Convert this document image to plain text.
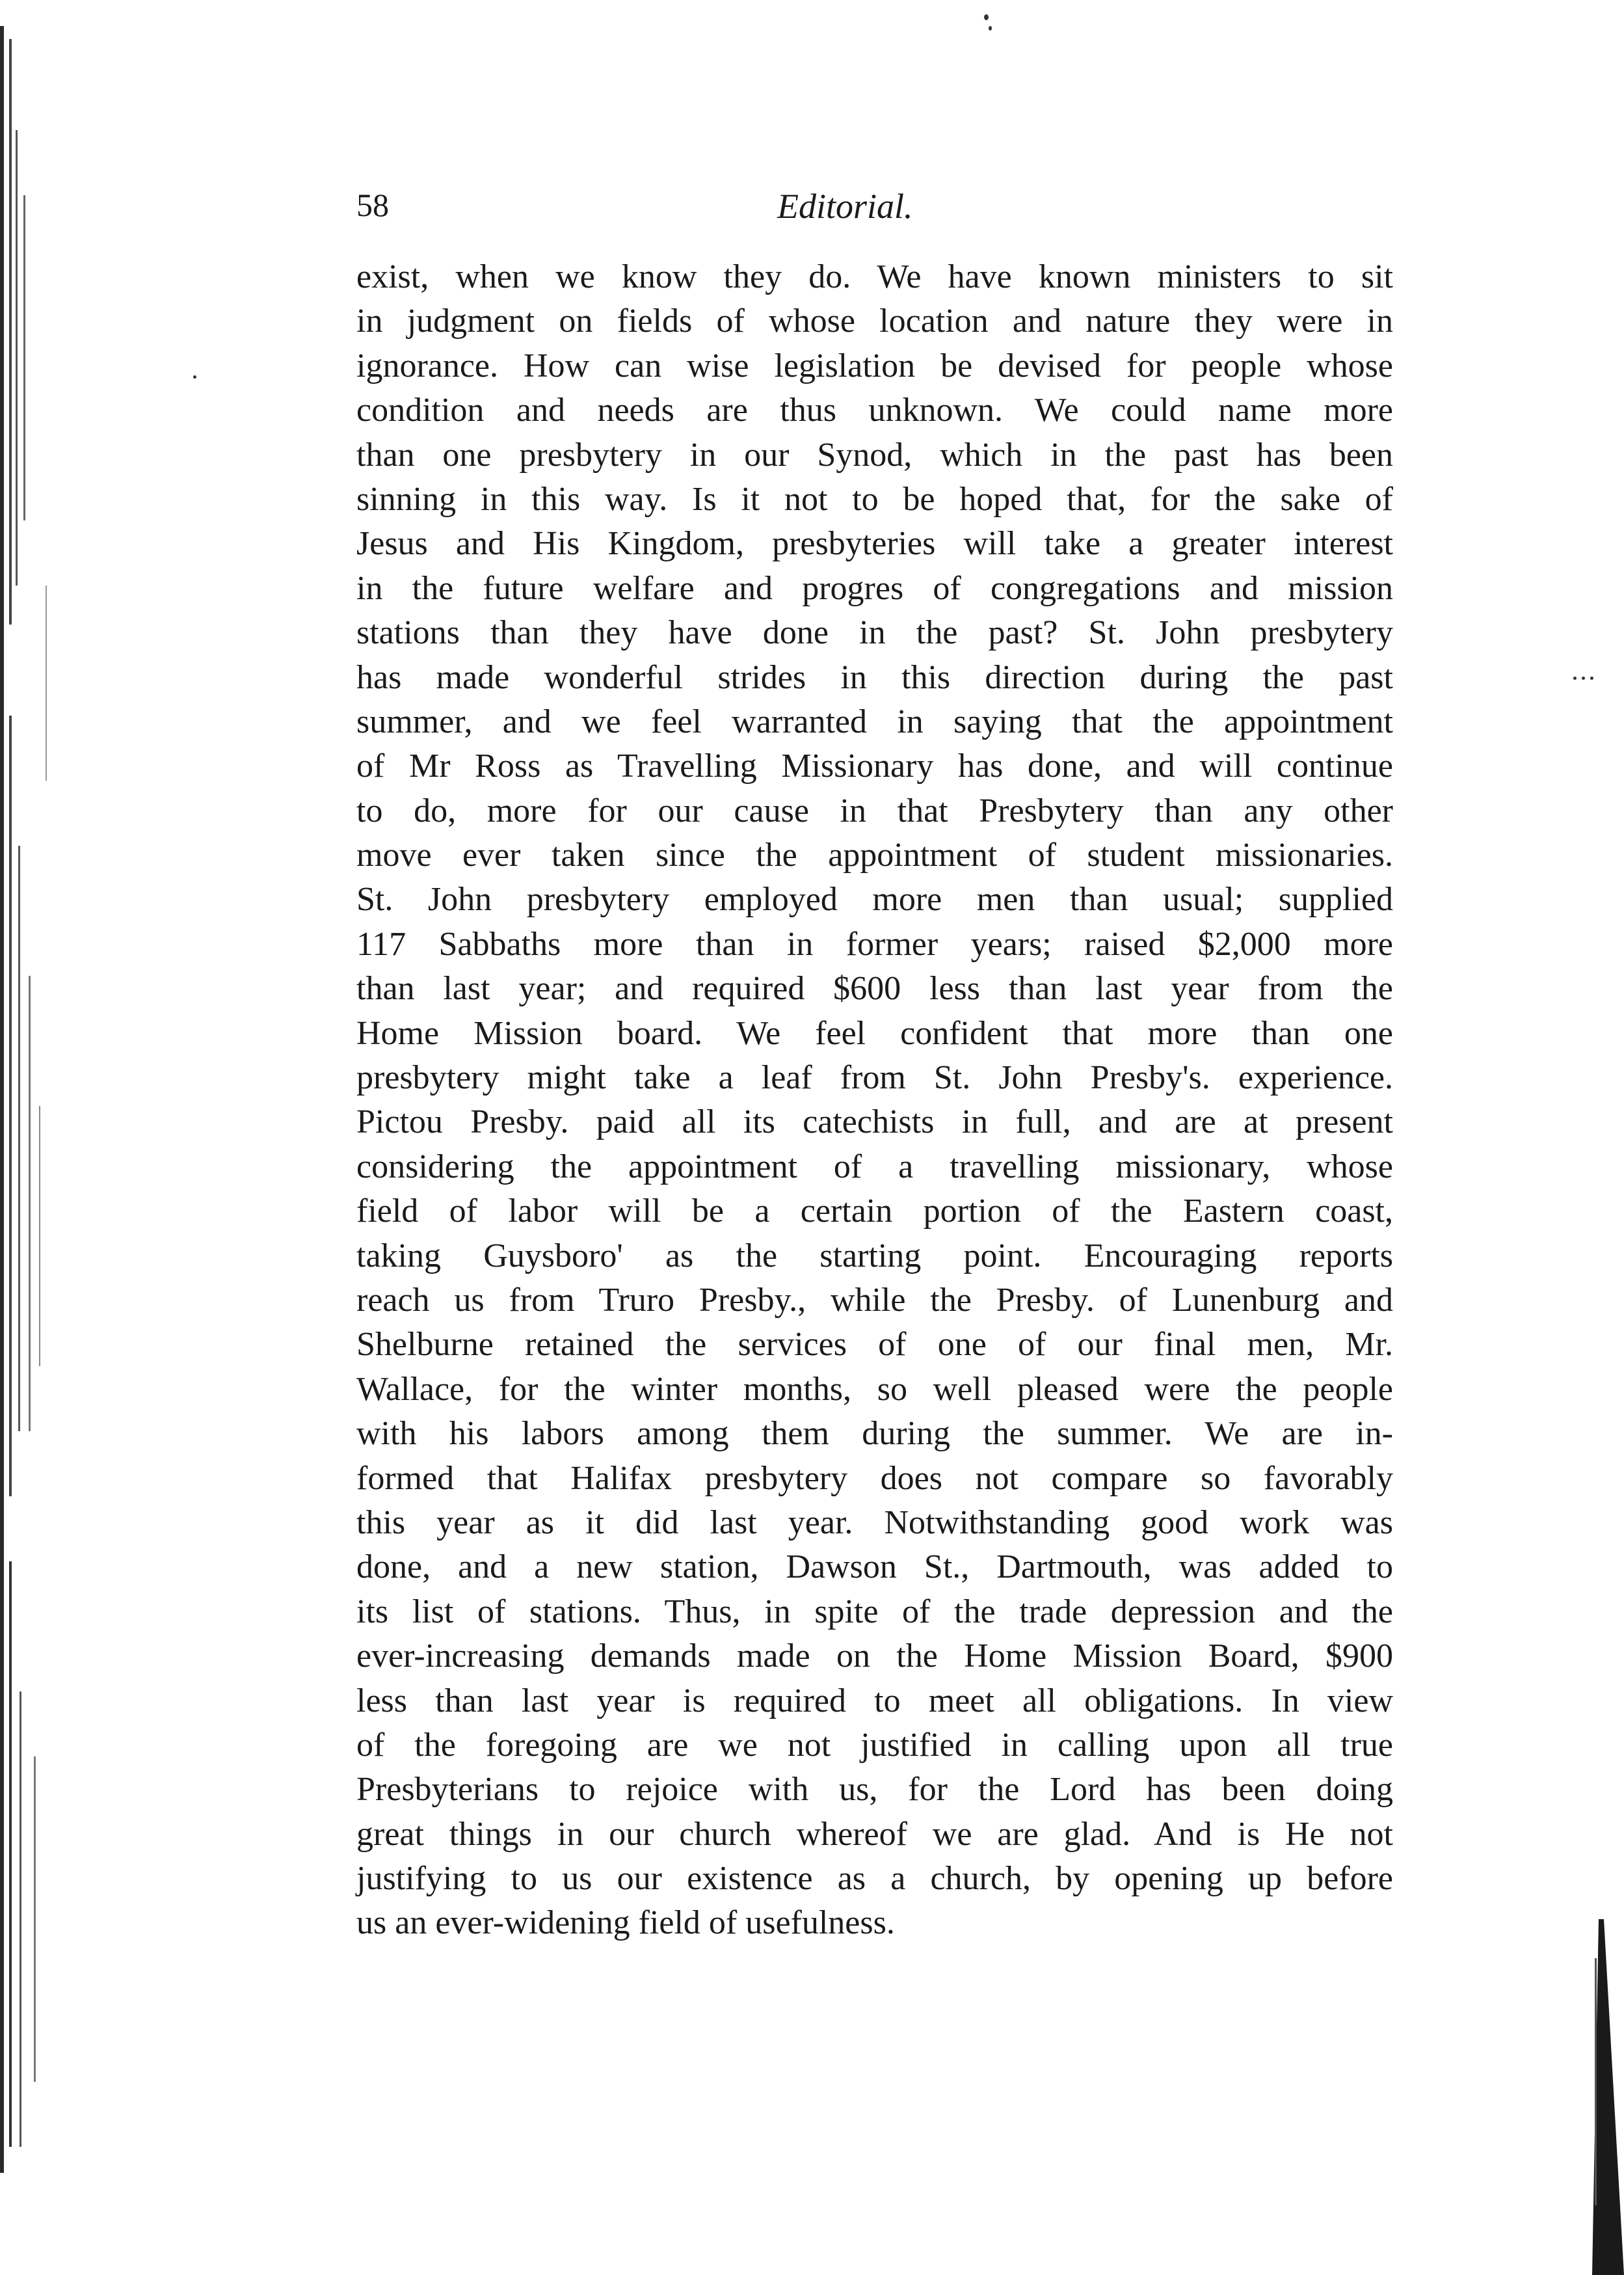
58	Editorial.
exist, when we know they do. We have known ministers to sit
in judgment on fields of whose location and nature they were in
ignorance. How can wise legislation be devised for people whose
condition and needs are thus unknown. We could name more
than one presbytery in our Synod, which in the past has been
sinning in this way. Is it not to be hoped that, for the sake of
Jesus and His Kingdom, presbyteries will take a greater interest
in the future welfare and progres of congregations and mission
stations than they have done in the past? St. John presbytery
has made wonderful strides in this direction during the past
summer, and we feel warranted in saying that the appointment
of Mr Ross as Travelling Missionary has done, and will continue
to do, more for our cause in that Presbytery than any other
move ever taken since the appointment of student missionaries.
St. John presbytery employed more men than usual; supplied
117 Sabbaths more than in former years; raised $2,000 more
than last year; and required $600 less than last year from the
Home Mission board. We feel confident that more than one
presbytery might take a leaf from St. John Presby's. experience.
Pictou Presby. paid all its catechists in full, and are at present
considering the appointment of a travelling missionary, whose
field of labor will be a certain portion of the Eastern coast,
taking Guysboro' as the starting point. Encouraging reports
reach us from Truro Presby., while the Presby. of Lunenburg and
Shelburne retained the services of one of our final men, Mr.
Wallace, for the winter months, so well pleased were the people
with his labors among them during the summer. We are in-
formed that Halifax presbytery does not compare so favorably
this year as it did last year. Notwithstanding good work was
done, and a new station, Dawson St., Dartmouth, was added to
its list of stations. Thus, in spite of the trade depression and the
ever-increasing demands made on the Home Mission Board, $900
less than last year is required to meet all obligations. In view
of the foregoing are we not justified in calling upon all true
Presbyterians to rejoice with us, for the Lord has been doing
great things in our church whereof we are glad. And is He not
justifying to us our existence as a church, by opening up before
us an ever-widening field of usefulness.
